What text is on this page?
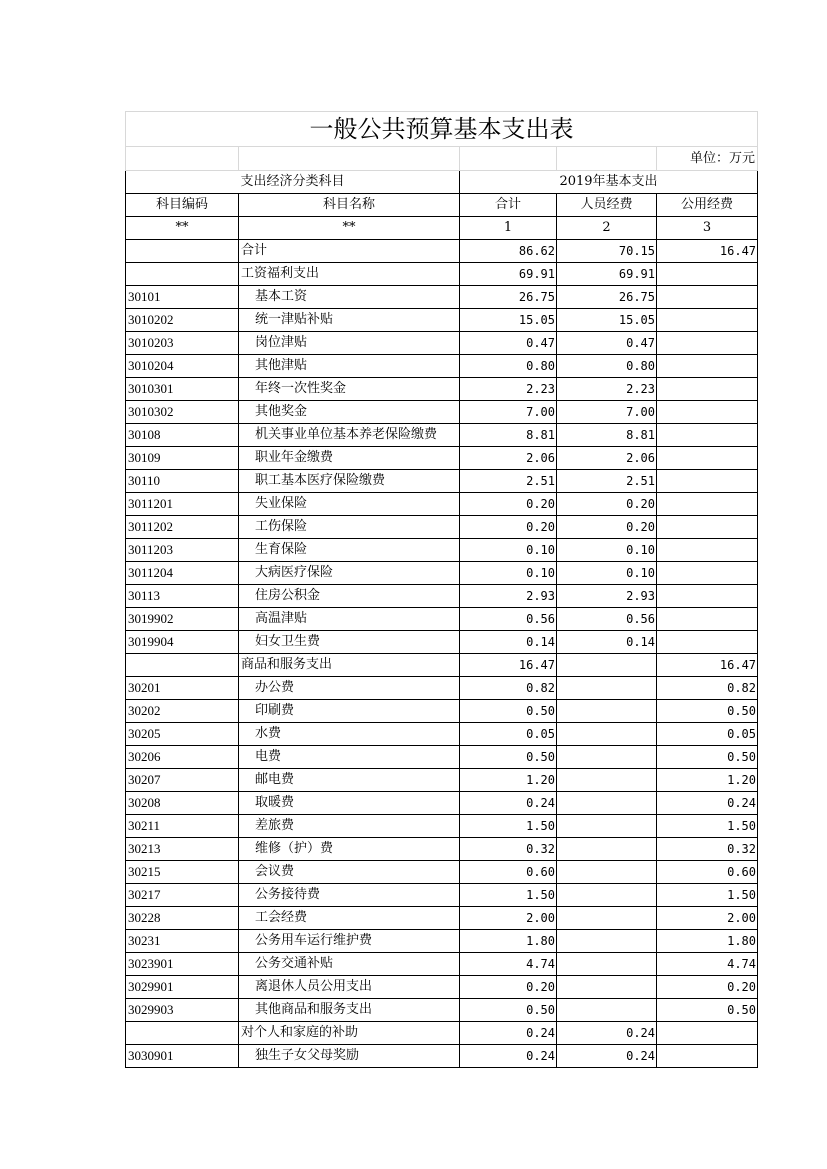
一般公共预算基本支出表				
				单位：万元
支出经济分类科目		2019年基本支出		
科目编码	科目名称	合计	人员经费	公用经费
**	**	1	2	3
	合计	86.62	70.15	16.47
	工资福利支出	69.91	69.91	
30101	基本工资	26.75	26.75	
3010202	统一津贴补贴	15.05	15.05	
3010203	岗位津贴	0.47	0.47	
3010204	其他津贴	0.80	0.80	
3010301	年终一次性奖金	2.23	2.23	
3010302	其他奖金	7.00	7.00	
30108	机关事业单位基本养老保险缴费	8.81	8.81	
30109	职业年金缴费	2.06	2.06	
30110	职工基本医疗保险缴费	2.51	2.51	
3011201	失业保险	0.20	0.20	
3011202	工伤保险	0.20	0.20	
3011203	生育保险	0.10	0.10	
3011204	大病医疗保险	0.10	0.10	
30113	住房公积金	2.93	2.93	
3019902	高温津贴	0.56	0.56	
3019904	妇女卫生费	0.14	0.14	
	商品和服务支出	16.47		16.47
30201	办公费	0.82		0.82
30202	印刷费	0.50		0.50
30205	水费	0.05		0.05
30206	电费	0.50		0.50
30207	邮电费	1.20		1.20
30208	取暖费	0.24		0.24
30211	差旅费	1.50		1.50
30213	维修（护）费	0.32		0.32
30215	会议费	0.60		0.60
30217	公务接待费	1.50		1.50
30228	工会经费	2.00		2.00
30231	公务用车运行维护费	1.80		1.80
3023901	公务交通补贴	4.74		4.74
3029901	离退休人员公用支出	0.20		0.20
3029903	其他商品和服务支出	0.50		0.50
	对个人和家庭的补助	0.24	0.24	
3030901	独生子女父母奖励	0.24	0.24	
